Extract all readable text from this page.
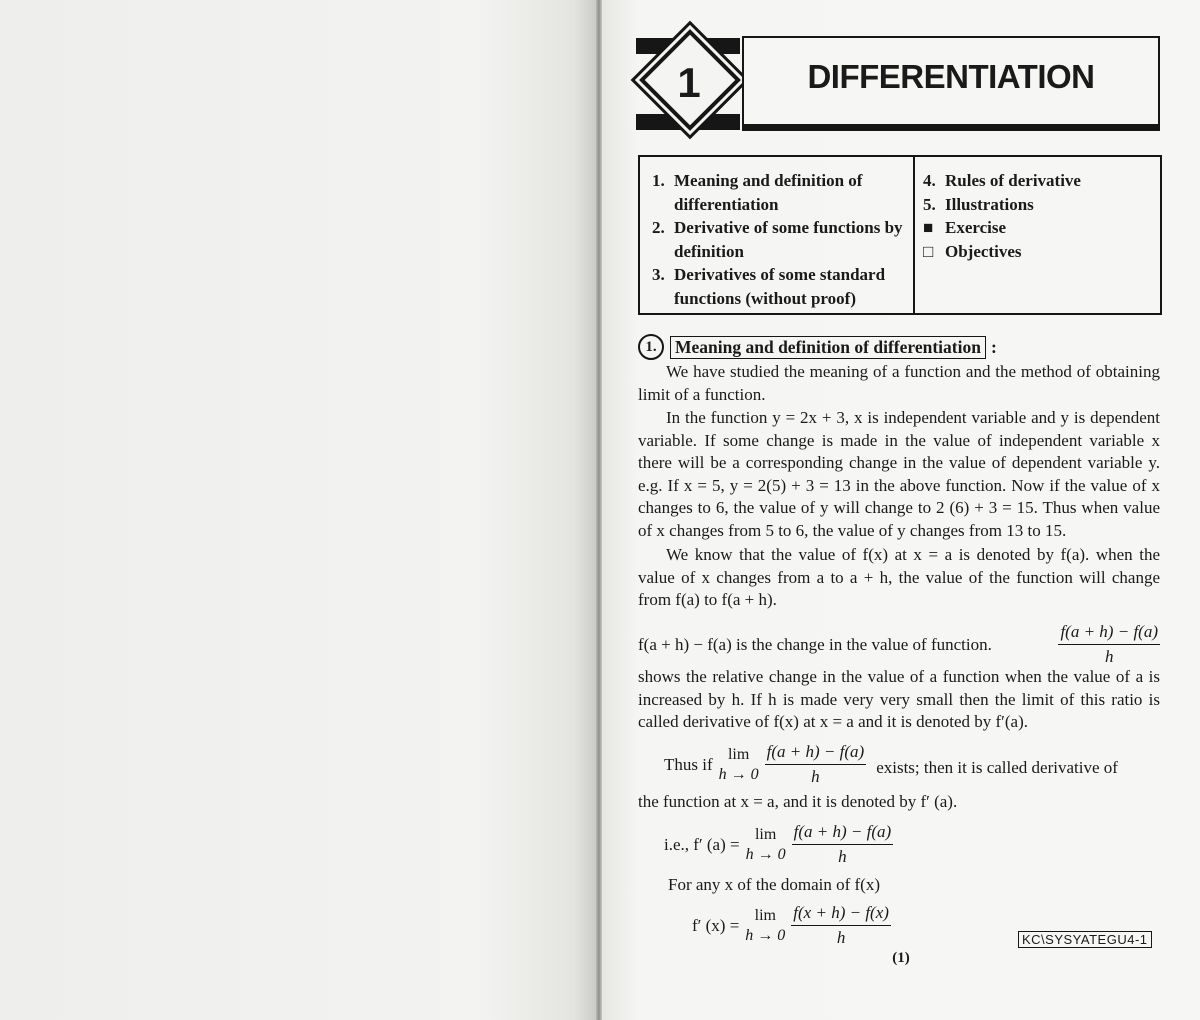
1	DIFFERENTIATION
1. Meaning and definition of differentiation
2. Derivative of some functions by definition
3. Derivatives of some standard functions (without proof)
4. Rules of derivative
5. Illustrations
■ Exercise
□ Objectives
1.	Meaning and definition of differentiation :
We have studied the meaning of a function and the method of obtaining limit of a function.
In the function y = 2x + 3, x is independent variable and y is dependent variable. If some change is made in the value of independent variable x there will be a corresponding change in the value of dependent variable y. e.g. If x = 5, y = 2(5) + 3 = 13 in the above function. Now if the value of x changes to 6, the value of y will change to 2 (6) + 3 = 15. Thus when value of x changes from 5 to 6, the value of y changes from 13 to 15.
We know that the value of f(x) at x = a is denoted by f(a). when the value of x changes from a to a + h, the value of the function will change from f(a) to f(a + h).
f(a + h) − f(a) is the change in the value of function.	$\frac{f(a + h) - f(a)}{h}$
shows the relative change in the value of a function when the value of a is increased by h. If h is made very very small then the limit of this ratio is called derivative of f(x) at x = a and it is denoted by f′(a).
Thus if
lim
$h \to 0 \frac{f(a + h) - f(a)}{h}$ exists; then it is called derivative of
the function at x = a, and it is denoted by f′ (a).
i.e., f′ (a) =
lim
$h \to 0 \frac{f(a + h) - f(a)}{h}$
For any x of the domain of f(x)
f′ (x) =
lim
$h \to 0 \frac{f(x + h) - f(x)}{h}$	KC\SYSYATEGU4-1
(1)
